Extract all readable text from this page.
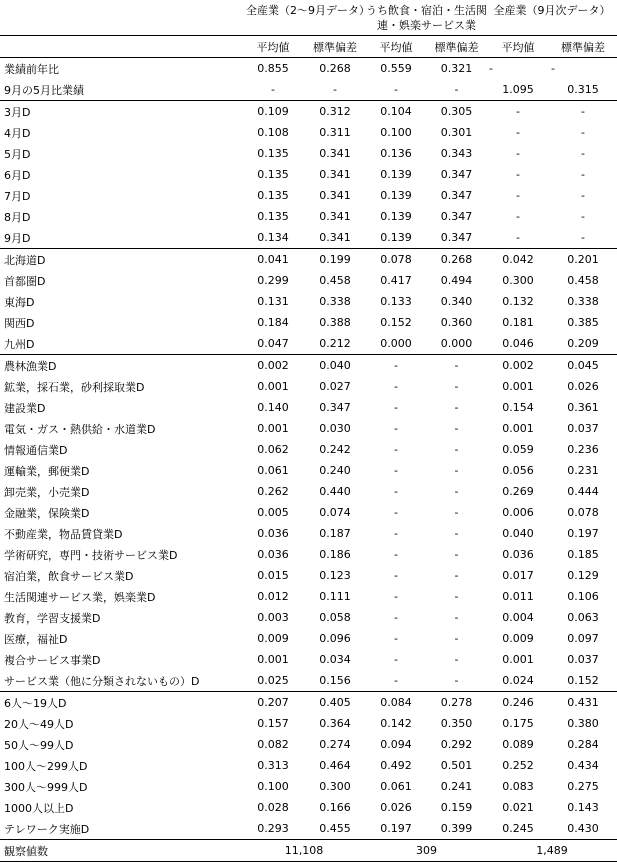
	全産業（2〜9月データ）		うち飲食・宿泊・生活関連・娯楽サービス業		全産業（9月次データ）	
	平均値	標準偏差	平均値	標準偏差	平均値	標準偏差
業績前年比	0.855	0.268	0.559	0.321	-	-
9月の5月比業績	-	-	-	-	1.095	0.315
3月D	0.109	0.312	0.104	0.305	-	-
4月D	0.108	0.311	0.100	0.301	-	-
5月D	0.135	0.341	0.136	0.343	-	-
6月D	0.135	0.341	0.139	0.347	-	-
7月D	0.135	0.341	0.139	0.347	-	-
8月D	0.135	0.341	0.139	0.347	-	-
9月D	0.134	0.341	0.139	0.347	-	-
北海道D	0.041	0.199	0.078	0.268	0.042	0.201
首都圏D	0.299	0.458	0.417	0.494	0.300	0.458
東海D	0.131	0.338	0.133	0.340	0.132	0.338
関西D	0.184	0.388	0.152	0.360	0.181	0.385
九州D	0.047	0.212	0.000	0.000	0.046	0.209
農林漁業D	0.002	0.040	-	-	0.002	0.045
鉱業，採石業，砂利採取業D	0.001	0.027	-	-	0.001	0.026
建設業D	0.140	0.347	-	-	0.154	0.361
電気・ガス・熱供給・水道業D	0.001	0.030	-	-	0.001	0.037
情報通信業D	0.062	0.242	-	-	0.059	0.236
運輸業，郵便業D	0.061	0.240	-	-	0.056	0.231
卸売業，小売業D	0.262	0.440	-	-	0.269	0.444
金融業，保険業D	0.005	0.074	-	-	0.006	0.078
不動産業，物品賃貸業D	0.036	0.187	-	-	0.040	0.197
学術研究，専門・技術サービス業D	0.036	0.186	-	-	0.036	0.185
宿泊業，飲食サービス業D	0.015	0.123	-	-	0.017	0.129
生活関連サービス業，娯楽業D	0.012	0.111	-	-	0.011	0.106
教育，学習支援業D	0.003	0.058	-	-	0.004	0.063
医療，福祉D	0.009	0.096	-	-	0.009	0.097
複合サービス事業D	0.001	0.034	-	-	0.001	0.037
サービス業（他に分類されないもの）D	0.025	0.156	-	-	0.024	0.152
6人〜19人D	0.207	0.405	0.084	0.278	0.246	0.431
20人〜49人D	0.157	0.364	0.142	0.350	0.175	0.380
50人〜99人D	0.082	0.274	0.094	0.292	0.089	0.284
100人〜299人D	0.313	0.464	0.492	0.501	0.252	0.434
300人〜999人D	0.100	0.300	0.061	0.241	0.083	0.275
1000人以上D	0.028	0.166	0.026	0.159	0.021	0.143
テレワーク実施D	0.293	0.455	0.197	0.399	0.245	0.430
観察値数	11,108		309		1,489	
